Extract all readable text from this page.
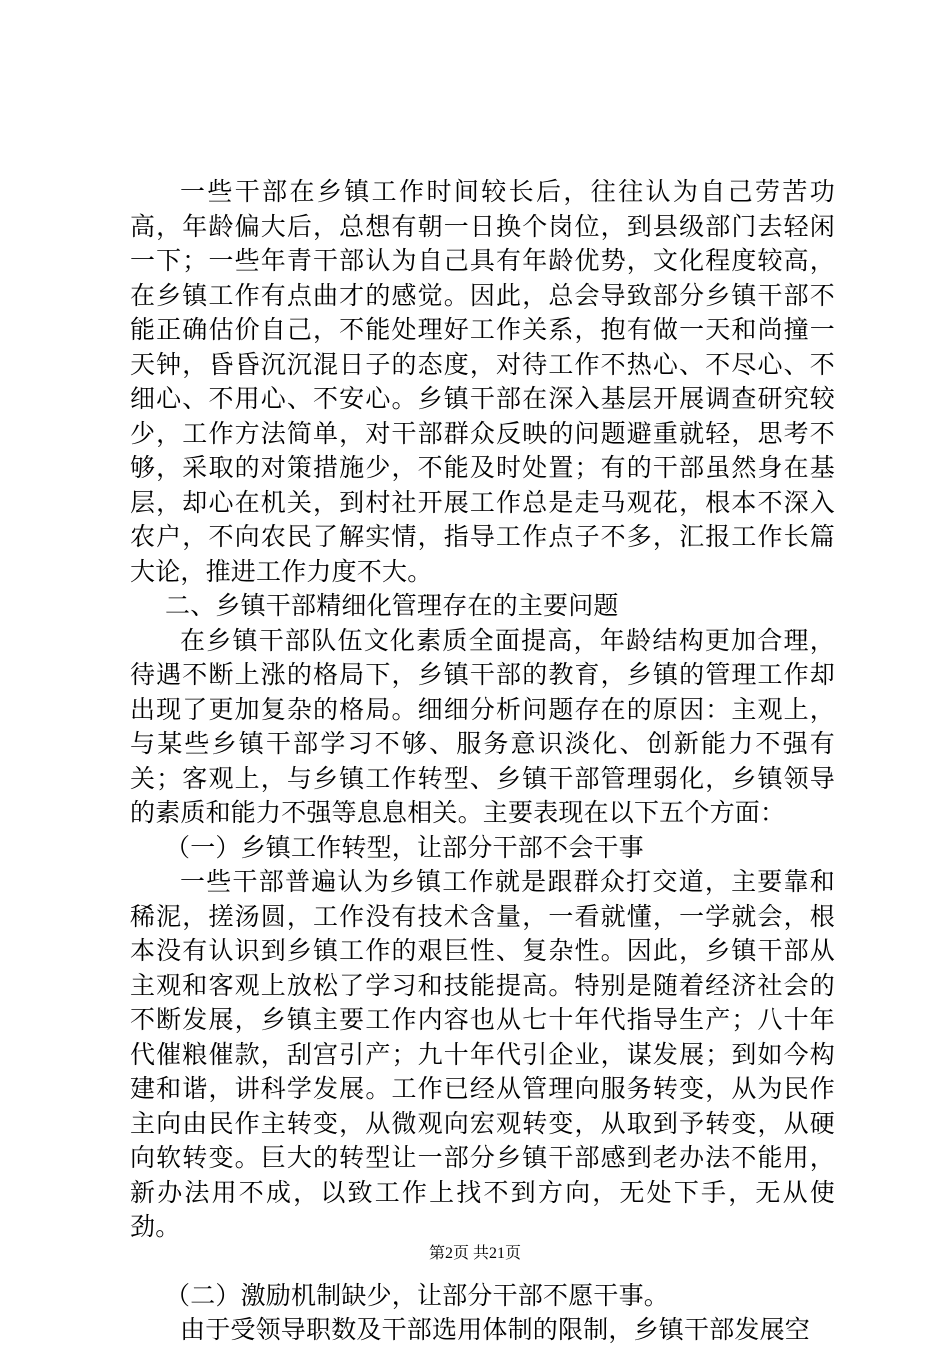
一些干部在乡镇工作时间较长后，往往认为自己劳苦功高，年龄偏大后，总想有朝一日换个岗位，到县级部门去轻闲一下；一些年青干部认为自己具有年龄优势，文化程度较高，在乡镇工作有点曲才的感觉。因此，总会导致部分乡镇干部不能正确估价自己，不能处理好工作关系，抱有做一天和尚撞一天钟，昏昏沉沉混日子的态度，对待工作不热心、不尽心、不细心、不用心、不安心。乡镇干部在深入基层开展调查研究较少，工作方法简单，对干部群众反映的问题避重就轻，思考不够，采取的对策措施少，不能及时处置；有的干部虽然身在基层，却心在机关，到村社开展工作总是走马观花，根本不深入农户，不向农民了解实情，指导工作点子不多，汇报工作长篇大论，推进工作力度不大。

二、乡镇干部精细化管理存在的主要问题

在乡镇干部队伍文化素质全面提高，年龄结构更加合理，待遇不断上涨的格局下，乡镇干部的教育，乡镇的管理工作却出现了更加复杂的格局。细细分析问题存在的原因：主观上，与某些乡镇干部学习不够、服务意识淡化、创新能力不强有关；客观上，与乡镇工作转型、乡镇干部管理弱化，乡镇领导的素质和能力不强等息息相关。主要表现在以下五个方面：

（一）乡镇工作转型，让部分干部不会干事

一些干部普遍认为乡镇工作就是跟群众打交道，主要靠和稀泥，搓汤圆，工作没有技术含量，一看就懂，一学就会，根本没有认识到乡镇工作的艰巨性、复杂性。因此，乡镇干部从主观和客观上放松了学习和技能提高。特别是随着经济社会的不断发展，乡镇主要工作内容也从七十年代指导生产；八十年代催粮催款，刮宫引产；九十年代引企业，谋发展；到如今构建和谐，讲科学发展。工作已经从管理向服务转变，从为民作主向由民作主转变，从微观向宏观转变，从取到予转变，从硬向软转变。巨大的转型让一部分乡镇干部感到老办法不能用，新办法用不成，以致工作上找不到方向，无处下手，无从使劲。

（二）激励机制缺少，让部分干部不愿干事。

由于受领导职数及干部选用体制的限制，乡镇干部发展空

第2页 共21页
